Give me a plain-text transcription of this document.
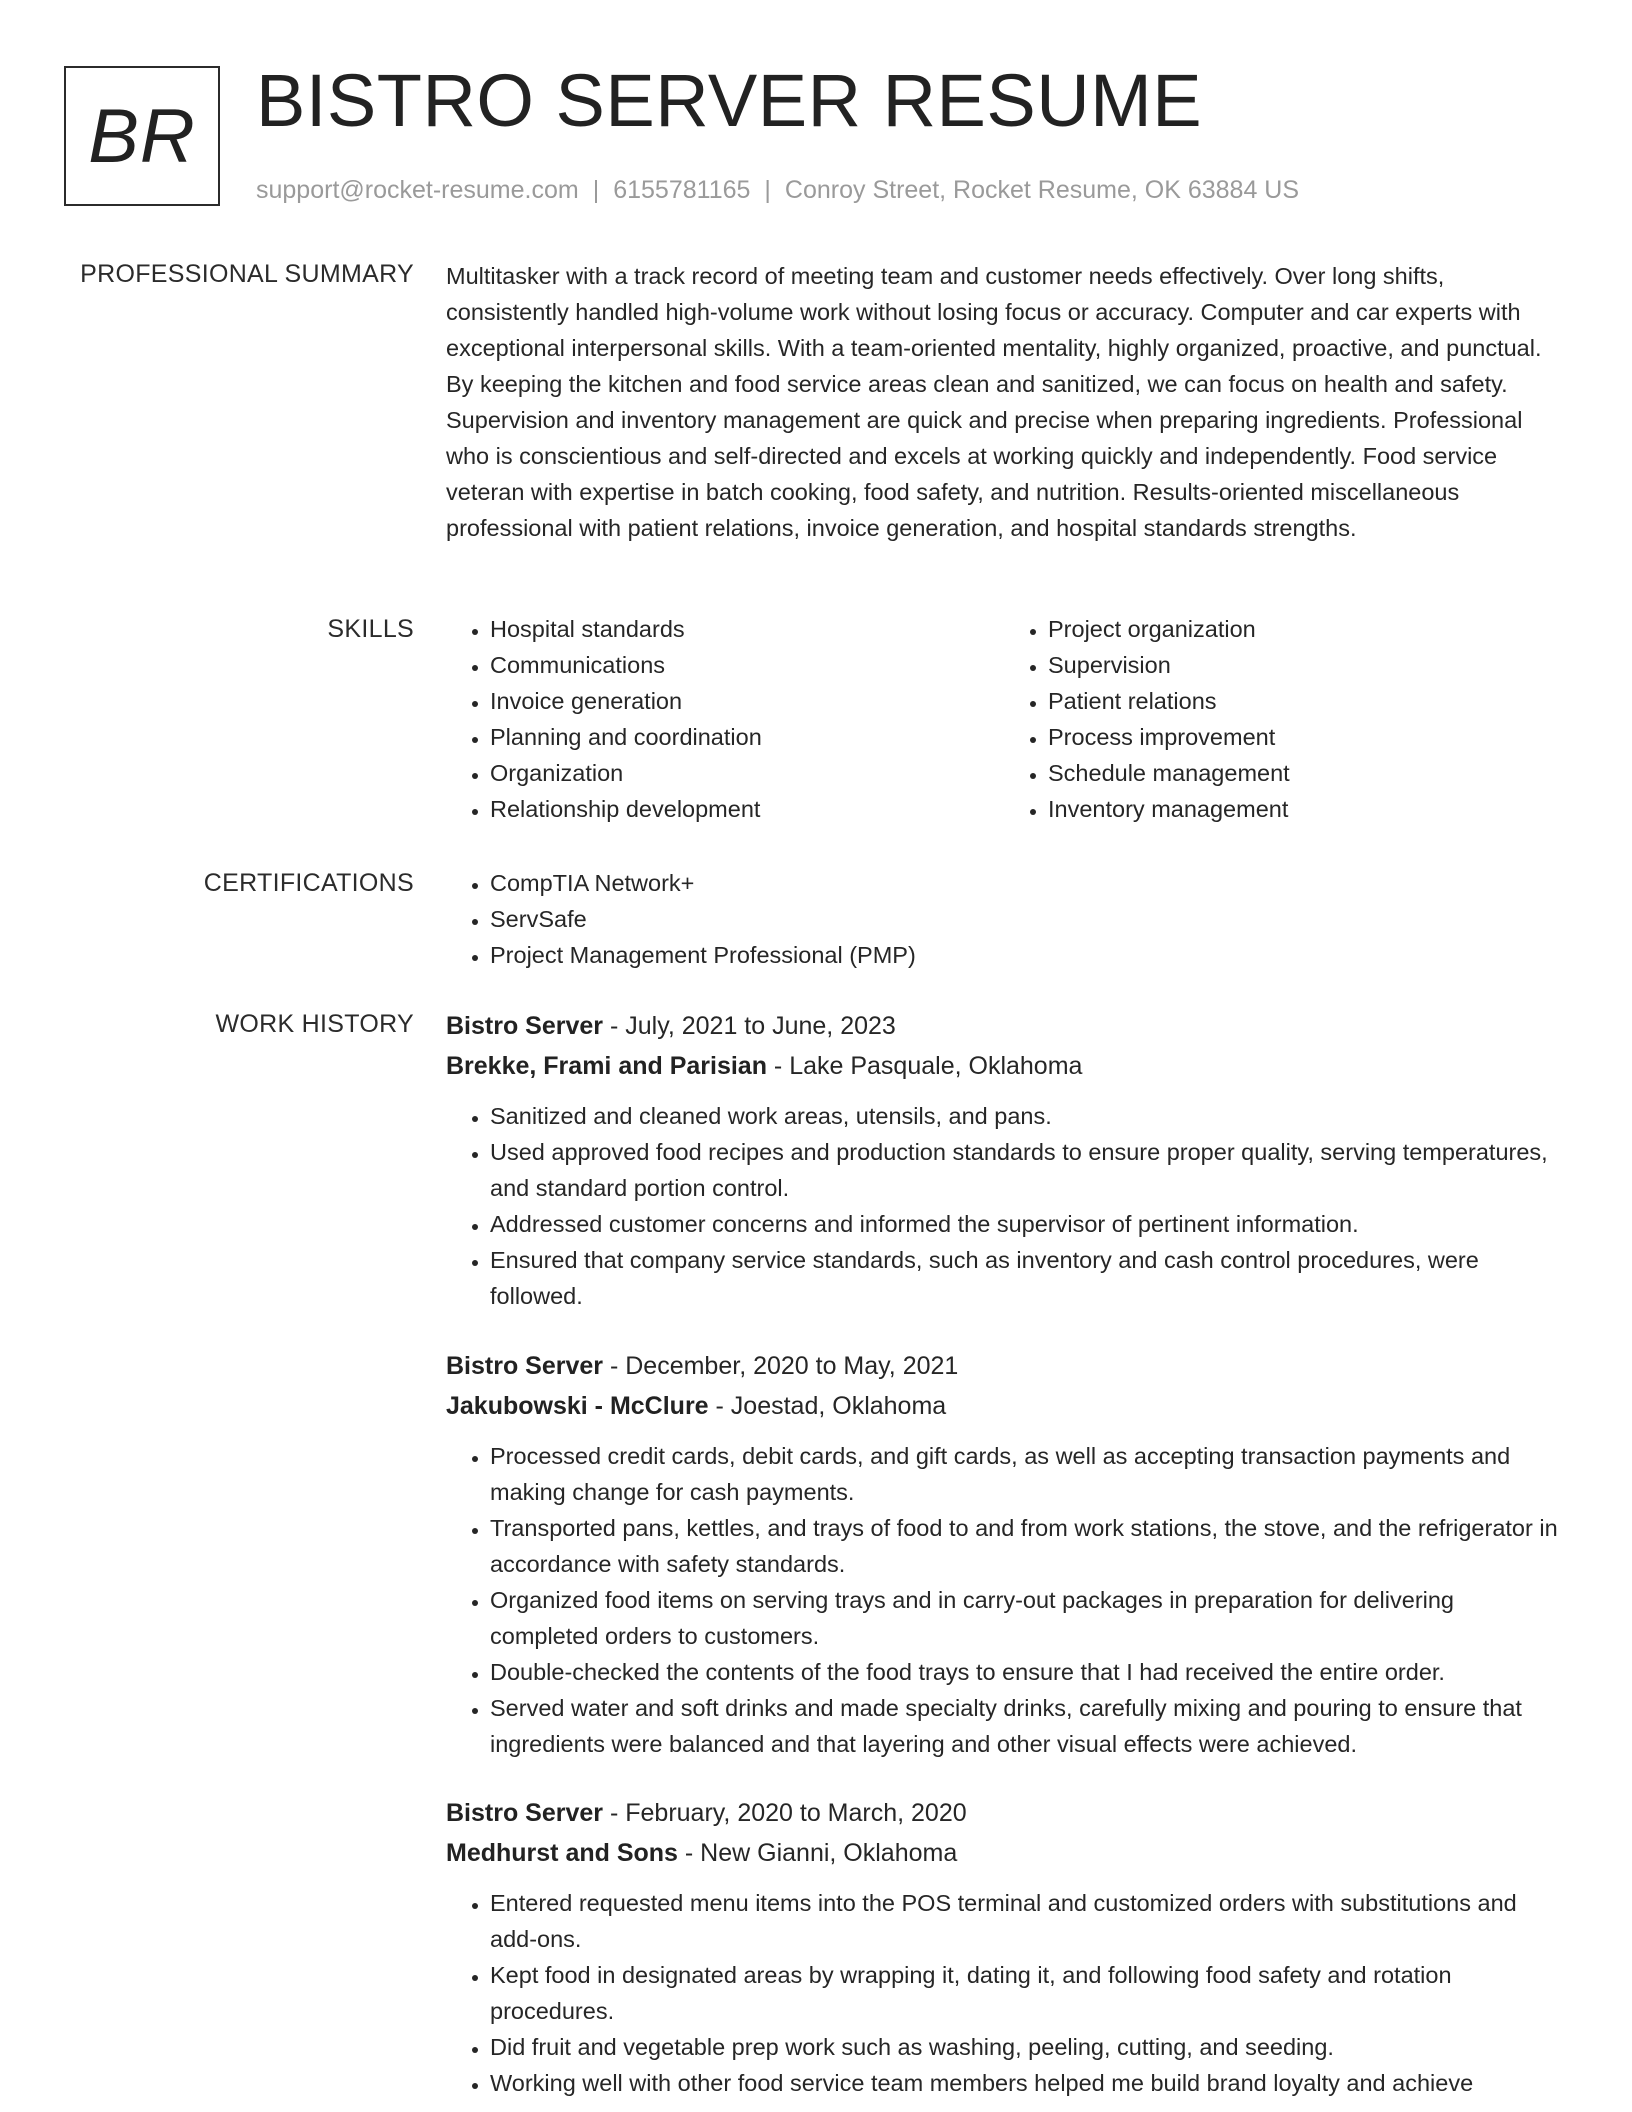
BR BISTRO SERVER RESUME
support@rocket-resume.com | 6155781165 | Conroy Street, Rocket Resume, OK 63884 US
PROFESSIONAL SUMMARY Multitasker with a track record of meeting team and customer needs effectively. Over long shifts, consistently handled high-volume work without losing focus or accuracy. Computer and car experts with exceptional interpersonal skills. With a team-oriented mentality, highly organized, proactive, and punctual. By keeping the kitchen and food service areas clean and sanitized, we can focus on health and safety. Supervision and inventory management are quick and precise when preparing ingredients. Professional who is conscientious and self-directed and excels at working quickly and independently. Food service veteran with expertise in batch cooking, food safety, and nutrition. Results-oriented miscellaneous professional with patient relations, invoice generation, and hospital standards strengths.

SKILLS	• Hospital standards
• Communications
• Invoice generation
• Planning and coordination
• Organization
• Relationship development
• Project organization
• Supervision
• Patient relations
• Process improvement
• Schedule management
• Inventory management
CERTIFICATIONS	• CompTIA Network+
• ServSafe
• Project Management Professional (PMP)
WORK HISTORY Bistro Server - July, 2021 to June, 2023
Brekke, Frami and Parisian - Lake Pasquale, Oklahoma
• Sanitized and cleaned work areas, utensils, and pans.
• Used approved food recipes and production standards to ensure proper quality, serving temperatures, and standard portion control.
• Addressed customer concerns and informed the supervisor of pertinent information.
• Ensured that company service standards, such as inventory and cash control procedures, were followed.
Bistro Server - December, 2020 to May, 2021
Jakubowski - McClure - Joestad, Oklahoma
• Processed credit cards, debit cards, and gift cards, as well as accepting transaction payments and making change for cash payments.
• Transported pans, kettles, and trays of food to and from work stations, the stove, and the refrigerator in accordance with safety standards.
• Organized food items on serving trays and in carry-out packages in preparation for delivering completed orders to customers.
• Double-checked the contents of the food trays to ensure that I had received the entire order.
• Served water and soft drinks and made specialty drinks, carefully mixing and pouring to ensure that ingredients were balanced and that layering and other visual effects were achieved.
Bistro Server - February, 2020 to March, 2020
Medhurst and Sons - New Gianni, Oklahoma
• Entered requested menu items into the POS terminal and customized orders with substitutions and add-ons.
• Kept food in designated areas by wrapping it, dating it, and following food safety and rotation procedures.
• Did fruit and vegetable prep work such as washing, peeling, cutting, and seeding.
• Working well with other food service team members helped me build brand loyalty and achieve
